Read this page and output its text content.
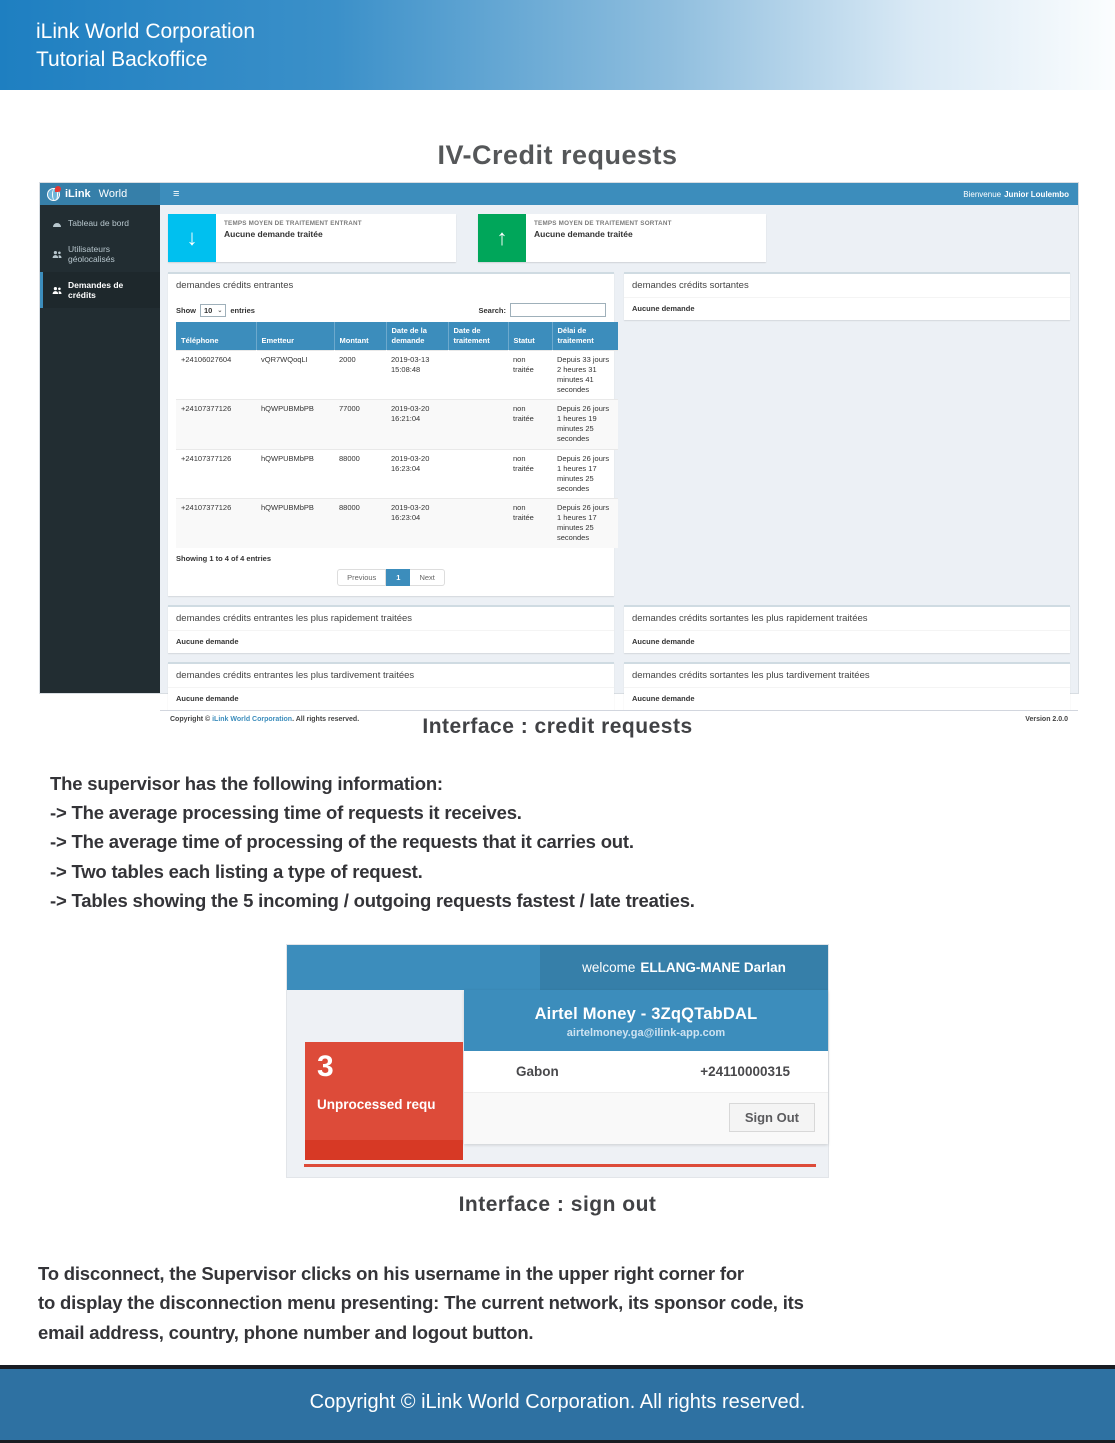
iLink World Corporation
Tutorial Backoffice
IV-Credit requests
iLink World	≡	Bienvenue Junior Loulembo
Tableau de bord
Utilisateurs géolocalisés
Demandes de crédits
↓
TEMPS MOYEN DE TRAITEMENT ENTRANT
Aucune demande traitée	↑
TEMPS MOYEN DE TRAITEMENT SORTANT
Aucune demande traitée
demandes crédits entrantes
Show 10 ⌄ entries	Search:
Téléphone	Emetteur	Montant	Date de la demande	Date de traitement	Statut	Délai de traitement
+24106027604	vQR7WQoqLI	2000	2019-03-13 15:08:48		non traitée	Depuis 33 jours 2 heures 31 minutes 41 secondes
+24107377126	hQWPUBMbPB	77000	2019-03-20 16:21:04		non traitée	Depuis 26 jours 1 heures 19 minutes 25 secondes
+24107377126	hQWPUBMbPB	88000	2019-03-20 16:23:04		non traitée	Depuis 26 jours 1 heures 17 minutes 25 secondes
+24107377126	hQWPUBMbPB	88000	2019-03-20 16:23:04		non traitée	Depuis 26 jours 1 heures 17 minutes 25 secondes
Showing 1 to 4 of 4 entries
Previous	1	Next
demandes crédits sortantes
Aucune demande
demandes crédits entrantes les plus rapidement traitées
Aucune demande
demandes crédits sortantes les plus rapidement traitées
Aucune demande
demandes crédits entrantes les plus tardivement traitées
Aucune demande
demandes crédits sortantes les plus tardivement traitées
Aucune demande
Copyright © iLink World Corporation. All rights reserved.	Version 2.0.0
Interface : credit requests
The supervisor has the following information:
-> The average processing time of requests it receives.
-> The average time of processing of the requests that it carries out.
-> Two tables each listing a type of request.
-> Tables showing the 5 incoming / outgoing requests fastest / late treaties.
welcome ELLANG-MANE Darlan
Airtel Money - 3ZqQTabDAL
airtelmoney.ga@ilink-app.com
Gabon	+24110000315
Sign Out
3
Unprocessed requ
Interface : sign out
To disconnect, the Supervisor clicks on his username in the upper right corner for
to display the disconnection menu presenting: The current network, its sponsor code, its
email address, country, phone number and logout button.
Copyright © iLink World Corporation. All rights reserved.
